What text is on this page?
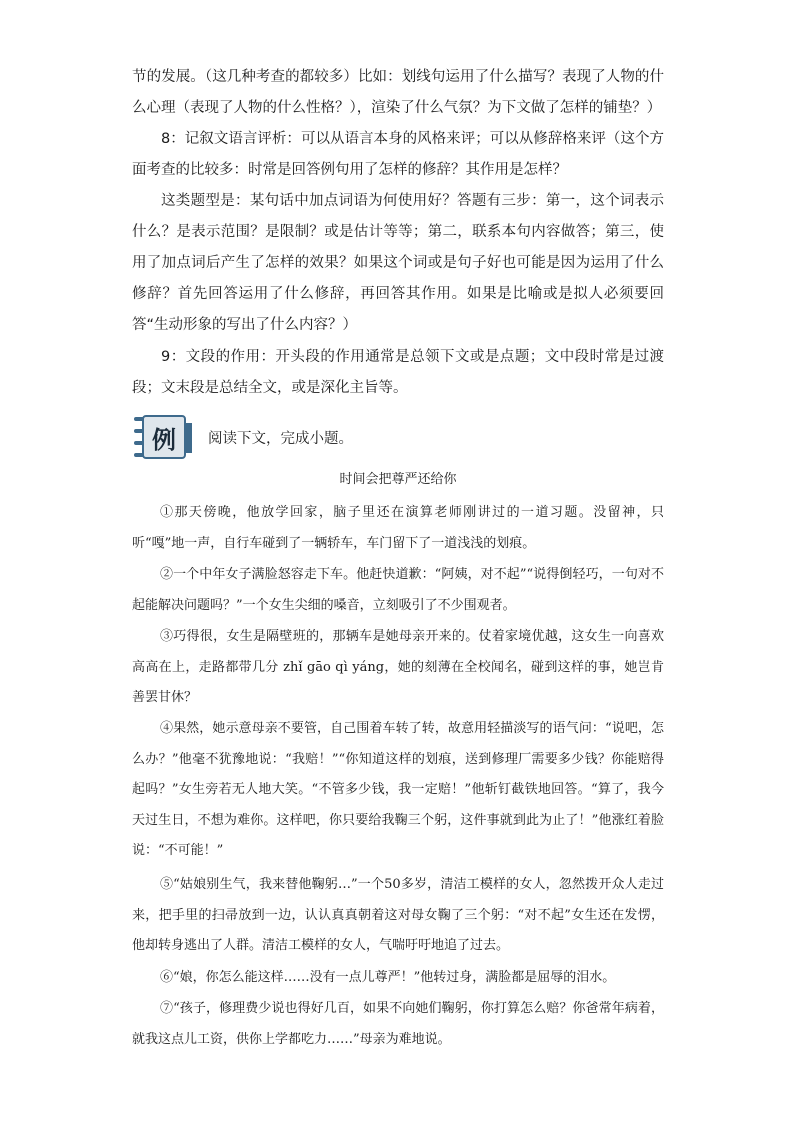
节的发展。（这几种考查的都较多）比如：划线句运用了什么描写？表现了人物的什么心理（表现了人物的什么性格？），渲染了什么气氛？为下文做了怎样的铺垫？）

8：记叙文语言评析：可以从语言本身的风格来评；可以从修辞格来评（这个方面考查的比较多：时常是回答例句用了怎样的修辞？其作用是怎样？

这类题型是：某句话中加点词语为何使用好？答题有三步：第一，这个词表示什么？是表示范围？是限制？或是估计等等；第二，联系本句内容做答；第三，使用了加点词后产生了怎样的效果？如果这个词或是句子好也可能是因为运用了什么修辞？首先回答运用了什么修辞，再回答其作用。如果是比喻或是拟人必须要回答“生动形象的写出了什么内容？）

9：文段的作用：开头段的作用通常是总领下文或是点题；文中段时常是过渡段；文末段是总结全文，或是深化主旨等。

例	阅读下文，完成小题。
时间会把尊严还给你

①那天傍晚，他放学回家，脑子里还在演算老师刚讲过的一道习题。没留神，只听“嘎”地一声，自行车碰到了一辆轿车，车门留下了一道浅浅的划痕。

②一个中年女子满脸怒容走下车。他赶快道歉：“阿姨，对不起”“说得倒轻巧，一句对不起能解决问题吗？”一个女生尖细的嗓音，立刻吸引了不少围观者。

③巧得很，女生是隔壁班的，那辆车是她母亲开来的。仗着家境优越，这女生一向喜欢高高在上，走路都带几分 zhǐ gāo qì yáng，她的刻薄在全校闻名，碰到这样的事，她岂肯善罢甘休？

④果然，她示意母亲不要管，自己围着车转了转，故意用轻描淡写的语气问：“说吧，怎么办？”他毫不犹豫地说：“我赔！”“你知道这样的划痕，送到修理厂需要多少钱？你能赔得起吗？”女生旁若无人地大笑。“不管多少钱，我一定赔！”他斩钉截铁地回答。“算了，我今天过生日，不想为难你。这样吧，你只要给我鞠三个躬，这件事就到此为止了！”他涨红着脸说：“不可能！”

⑤“姑娘别生气，我来替他鞠躬…”一个50多岁，清洁工模样的女人，忽然拨开众人走过来，把手里的扫帚放到一边，认认真真朝着这对母女鞠了三个躬：“对不起”女生还在发愣，他却转身逃出了人群。清洁工模样的女人，气喘吁吁地追了过去。

⑥“娘，你怎么能这样……没有一点儿尊严！”他转过身，满脸都是屈辱的泪水。

⑦“孩子，修理费少说也得好几百，如果不向她们鞠躬，你打算怎么赔？你爸常年病着，就我这点儿工资，供你上学都吃力……”母亲为难地说。
